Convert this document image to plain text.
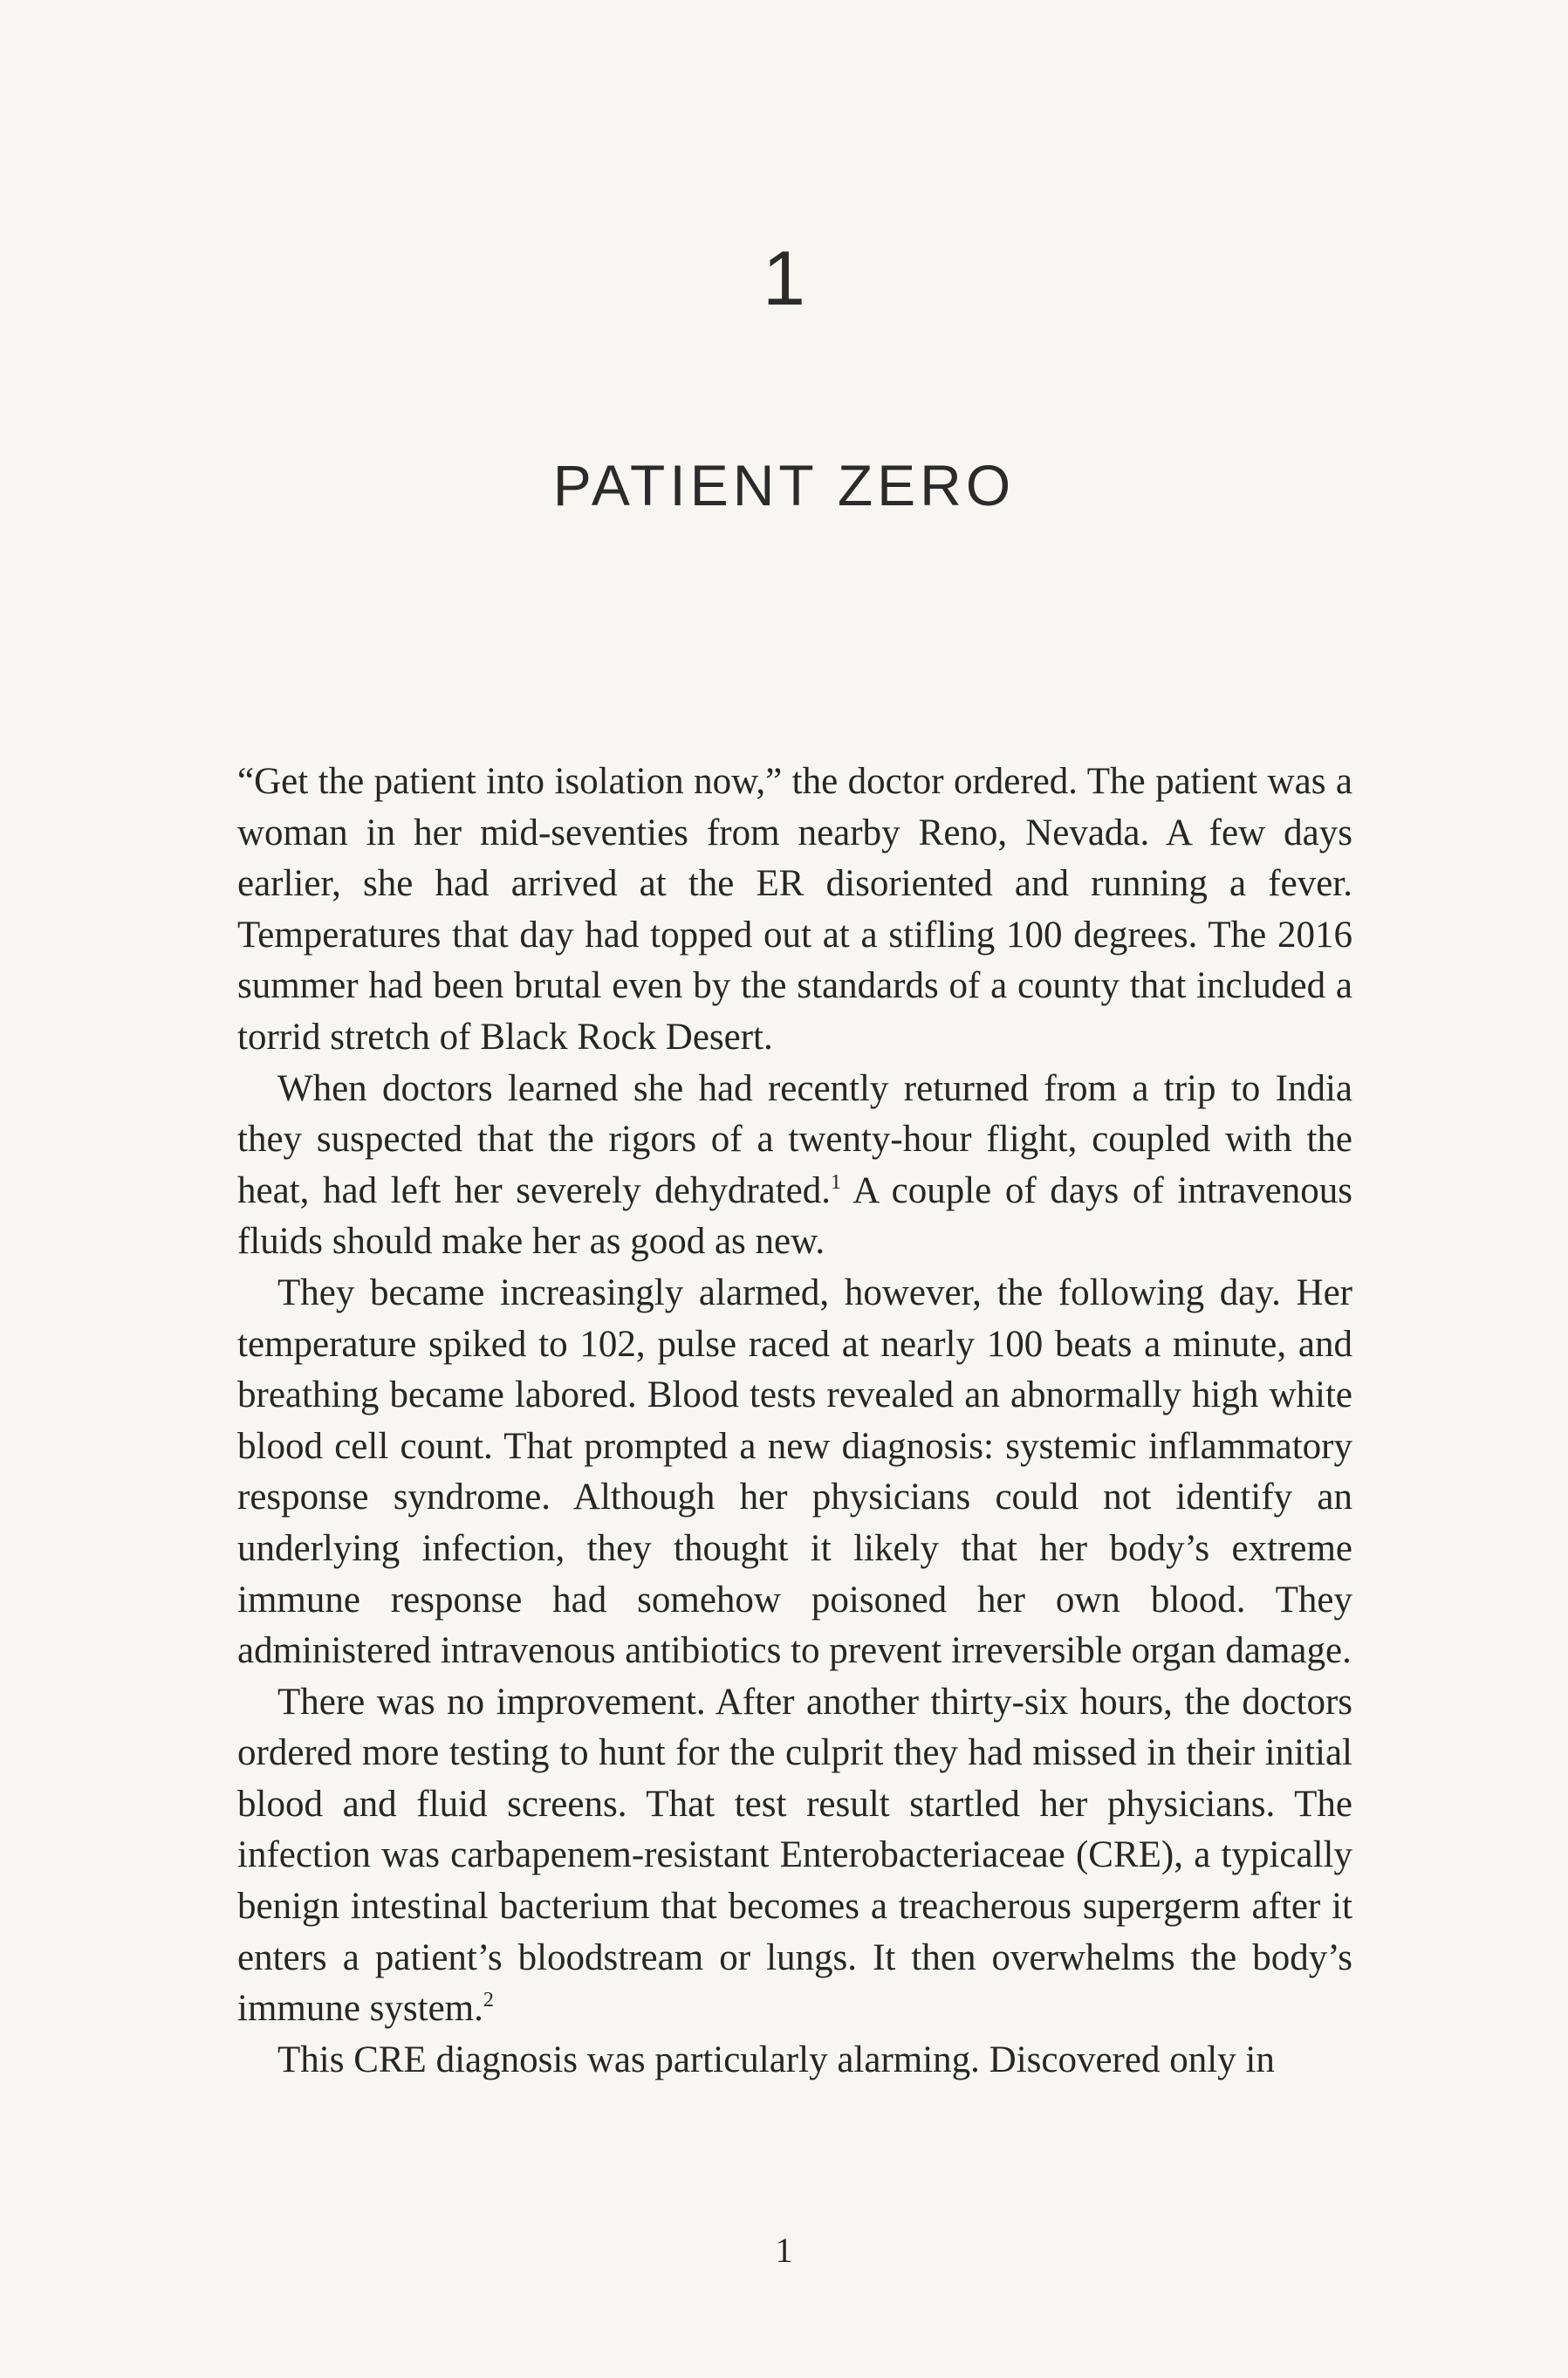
1
PATIENT ZERO

“Get the patient into isolation now,” the doctor ordered. The patient was a woman in her mid-seventies from nearby Reno, Nevada. A few days earlier, she had arrived at the ER disoriented and running a fever. Temperatures that day had topped out at a stifling 100 degrees. The 2016 summer had been brutal even by the standards of a county that included a torrid stretch of Black Rock Desert.

When doctors learned she had recently returned from a trip to India they suspected that the rigors of a twenty-hour flight, coupled with the heat, had left her severely dehydrated.$^1$ A couple of days of intravenous fluids should make her as good as new.

They became increasingly alarmed, however, the following day. Her temperature spiked to 102, pulse raced at nearly 100 beats a minute, and breathing became labored. Blood tests revealed an abnormally high white blood cell count. That prompted a new diagnosis: systemic inflammatory response syndrome. Although her physicians could not identify an underlying infection, they thought it likely that her body’s extreme immune response had somehow poisoned her own blood. They administered intravenous antibiotics to prevent irreversible organ damage.

There was no improvement. After another thirty-six hours, the doctors ordered more testing to hunt for the culprit they had missed in their initial blood and fluid screens. That test result startled her physicians. The infection was carbapenem-resistant Enterobacteriaceae (CRE), a typically benign intestinal bacterium that becomes a treacherous supergerm after it enters a patient’s bloodstream or lungs. It then overwhelms the body’s immune system.$^2$

This CRE diagnosis was particularly alarming. Discovered only in

1
